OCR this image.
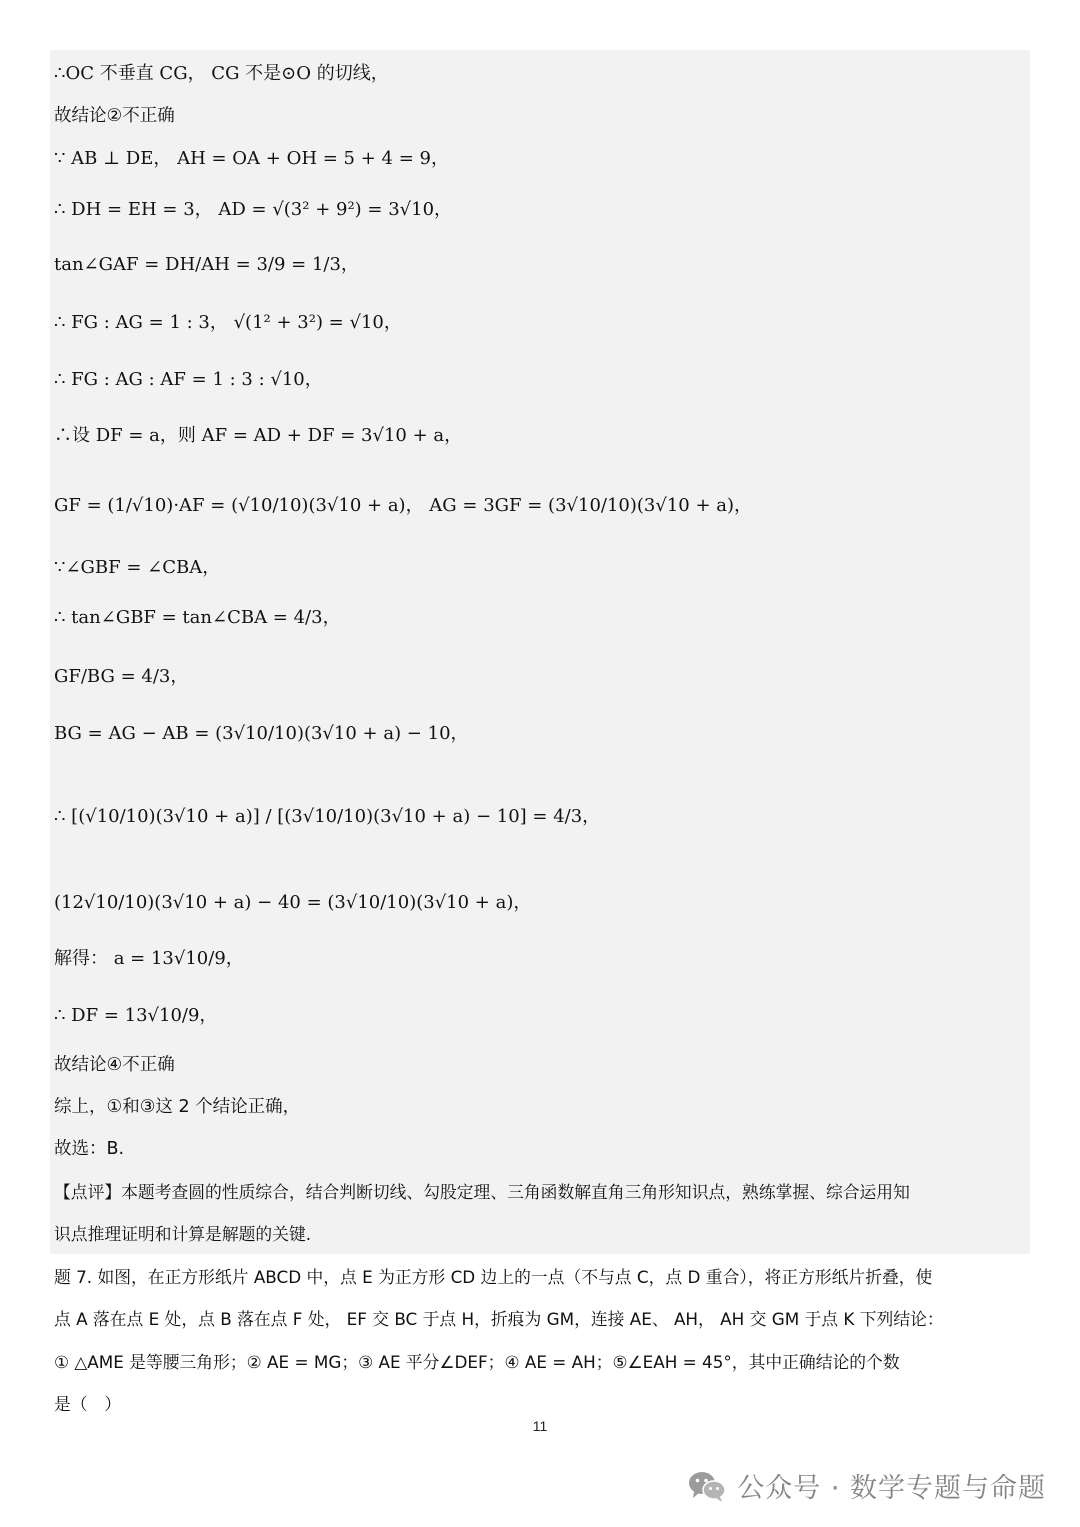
∴OC 不垂直 CG， CG 不是⊙O 的切线，
故结论②不正确
∵ AB ⊥ DE， AH = OA + OH = 5 + 4 = 9，
∴ DH = EH = 3， AD = √(3² + 9²) = 3√10，
tan∠GAF = DH/AH = 3/9 = 1/3，
∴ FG : AG = 1 : 3， √(1² + 3²) = √10，
∴ FG : AG : AF = 1 : 3 : √10，
∴设 DF = a，则 AF = AD + DF = 3√10 + a，
GF = (1/√10)·AF = (√10/10)(3√10 + a)， AG = 3GF = (3√10/10)(3√10 + a)，
∵∠GBF = ∠CBA，
∴ tan∠GBF = tan∠CBA = 4/3，
GF/BG = 4/3，
BG = AG − AB = (3√10/10)(3√10 + a) − 10，
∴ [(√10/10)(3√10 + a)] / [(3√10/10)(3√10 + a) − 10] = 4/3，
(12√10/10)(3√10 + a) − 40 = (3√10/10)(3√10 + a)，
解得： a = 13√10/9，
∴ DF = 13√10/9，
故结论④不正确
综上，①和③这 2 个结论正确，
故选：B.
【点评】本题考查圆的性质综合，结合判断切线、勾股定理、三角函数解直角三角形知识点，熟练掌握、综合运用知
识点推理证明和计算是解题的关键.
题 7. 如图，在正方形纸片 ABCD 中，点 E 为正方形 CD 边上的一点（不与点 C，点 D 重合），将正方形纸片折叠，使
点 A 落在点 E 处，点 B 落在点 F 处， EF 交 BC 于点 H，折痕为 GM，连接 AE、 AH， AH 交 GM 于点 K 下列结论：
① △AME 是等腰三角形；② AE = MG；③ AE 平分∠DEF；④ AE = AH；⑤∠EAH = 45°，其中正确结论的个数
是（　）
11
公众号 · 数学专题与命题
